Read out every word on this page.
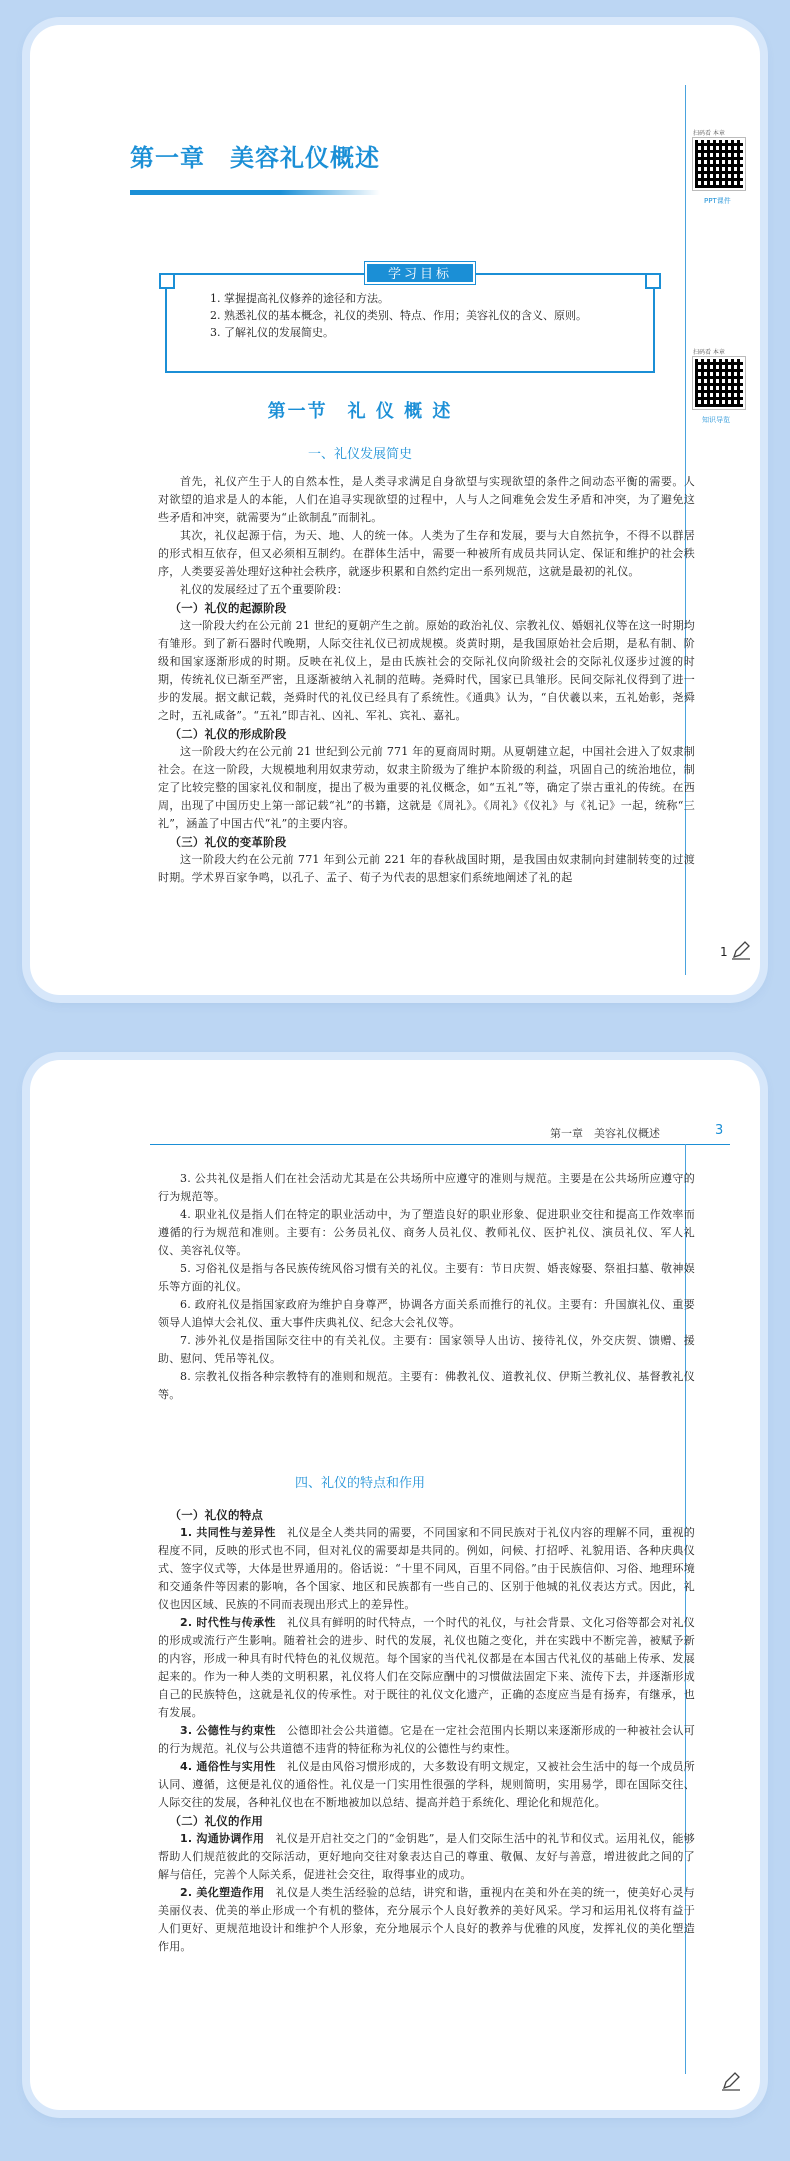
第一章　美容礼仪概述
扫码看 本章
PPT课件
扫码看 本章
知识导览
学习目标
1. 掌握提高礼仪修养的途径和方法。
2. 熟悉礼仪的基本概念，礼仪的类别、特点、作用；美容礼仪的含义、原则。
3. 了解礼仪的发展简史。
第一节　礼 仪 概 述
一、礼仪发展简史

首先，礼仪产生于人的自然本性，是人类寻求满足自身欲望与实现欲望的条件之间动态平衡的需要。人对欲望的追求是人的本能，人们在追寻实现欲望的过程中，人与人之间难免会发生矛盾和冲突，为了避免这些矛盾和冲突，就需要为“止欲制乱”而制礼。

其次，礼仪起源于信，为天、地、人的统一体。人类为了生存和发展，要与大自然抗争，不得不以群居的形式相互依存，但又必须相互制约。在群体生活中，需要一种被所有成员共同认定、保证和维护的社会秩序，人类要妥善处理好这种社会秩序，就逐步积累和自然约定出一系列规范，这就是最初的礼仪。

礼仪的发展经过了五个重要阶段：

（一）礼仪的起源阶段

这一阶段大约在公元前 21 世纪的夏朝产生之前。原始的政治礼仪、宗教礼仪、婚姻礼仪等在这一时期均有雏形。到了新石器时代晚期，人际交往礼仪已初成规模。炎黄时期，是我国原始社会后期，是私有制、阶级和国家逐渐形成的时期。反映在礼仪上，是由氏族社会的交际礼仪向阶级社会的交际礼仪逐步过渡的时期，传统礼仪已渐至严密，且逐渐被纳入礼制的范畴。尧舜时代，国家已具雏形。民间交际礼仪得到了进一步的发展。据文献记载，尧舜时代的礼仪已经具有了系统性。《通典》认为，“自伏羲以来，五礼始彰，尧舜之时，五礼咸备”。“五礼”即吉礼、凶礼、军礼、宾礼、嘉礼。

（二）礼仪的形成阶段

这一阶段大约在公元前 21 世纪到公元前 771 年的夏商周时期。从夏朝建立起，中国社会进入了奴隶制社会。在这一阶段，大规模地利用奴隶劳动，奴隶主阶级为了维护本阶级的利益，巩固自己的统治地位，制定了比较完整的国家礼仪和制度，提出了极为重要的礼仪概念，如“五礼”等，确定了崇古重礼的传统。在西周，出现了中国历史上第一部记载“礼”的书籍，这就是《周礼》。《周礼》《仪礼》与《礼记》一起，统称“三礼”，涵盖了中国古代“礼”的主要内容。

（三）礼仪的变革阶段

这一阶段大约在公元前 771 年到公元前 221 年的春秋战国时期，是我国由奴隶制向封建制转变的过渡时期。学术界百家争鸣，以孔子、孟子、荀子为代表的思想家们系统地阐述了礼的起

1
第一章　美容礼仪概述	3

3. 公共礼仪是指人们在社会活动尤其是在公共场所中应遵守的准则与规范。主要是在公共场所应遵守的行为规范等。

4. 职业礼仪是指人们在特定的职业活动中，为了塑造良好的职业形象、促进职业交往和提高工作效率而遵循的行为规范和准则。主要有：公务员礼仪、商务人员礼仪、教师礼仪、医护礼仪、演员礼仪、军人礼仪、美容礼仪等。

5. 习俗礼仪是指与各民族传统风俗习惯有关的礼仪。主要有：节日庆贺、婚丧嫁娶、祭祖扫墓、敬神娱乐等方面的礼仪。

6. 政府礼仪是指国家政府为维护自身尊严，协调各方面关系而推行的礼仪。主要有：升国旗礼仪、重要领导人追悼大会礼仪、重大事件庆典礼仪、纪念大会礼仪等。

7. 涉外礼仪是指国际交往中的有关礼仪。主要有：国家领导人出访、接待礼仪，外交庆贺、馈赠、援助、慰问、凭吊等礼仪。

8. 宗教礼仪指各种宗教特有的准则和规范。主要有：佛教礼仪、道教礼仪、伊斯兰教礼仪、基督教礼仪等。

四、礼仪的特点和作用
（一）礼仪的特点

1. 共同性与差异性　 礼仪是全人类共同的需要，不同国家和不同民族对于礼仪内容的理解不同，重视的程度不同，反映的形式也不同，但对礼仪的需要却是共同的。例如，问候、打招呼、礼貌用语、各种庆典仪式、签字仪式等，大体是世界通用的。俗话说：“十里不同风，百里不同俗。”由于民族信仰、习俗、地理环境和交通条件等因素的影响，各个国家、地区和民族都有一些自己的、区别于他城的礼仪表达方式。因此，礼仪也因区域、民族的不同而表现出形式上的差异性。

2. 时代性与传承性　 礼仪具有鲜明的时代特点，一个时代的礼仪，与社会背景、文化习俗等都会对礼仪的形成或流行产生影响。随着社会的进步、时代的发展，礼仪也随之变化，并在实践中不断完善，被赋予新的内容，形成一种具有时代特色的礼仪规范。每个国家的当代礼仪都是在本国古代礼仪的基础上传承、发展起来的。作为一种人类的文明积累，礼仪将人们在交际应酬中的习惯做法固定下来、流传下去，并逐渐形成自己的民族特色，这就是礼仪的传承性。对于既往的礼仪文化遗产，正确的态度应当是有扬弃，有继承，也有发展。

3. 公德性与约束性　 公德即社会公共道德。它是在一定社会范围内长期以来逐渐形成的一种被社会认可的行为规范。礼仪与公共道德不违背的特征称为礼仪的公德性与约束性。

4. 通俗性与实用性　 礼仪是由风俗习惯形成的，大多数设有明文规定，又被社会生活中的每一个成员所认同、遵循，这便是礼仪的通俗性。礼仪是一门实用性很强的学科，规则简明，实用易学，即在国际交往、人际交往的发展，各种礼仪也在不断地被加以总结、提高并趋于系统化、理论化和规范化。

（二）礼仪的作用

1. 沟通协调作用　 礼仪是开启社交之门的“金钥匙”，是人们交际生活中的礼节和仪式。运用礼仪，能够帮助人们规范彼此的交际活动，更好地向交往对象表达自己的尊重、敬佩、友好与善意，增进彼此之间的了解与信任，完善个人际关系，促进社会交往，取得事业的成功。

2. 美化塑造作用　 礼仪是人类生活经验的总结，讲究和谐，重视内在美和外在美的统一，使美好心灵与美丽仪表、优美的举止形成一个有机的整体，充分展示个人良好教养的美好风采。学习和运用礼仪将有益于人们更好、更规范地设计和维护个人形象，充分地展示个人良好的教养与优雅的风度，发挥礼仪的美化塑造作用。
